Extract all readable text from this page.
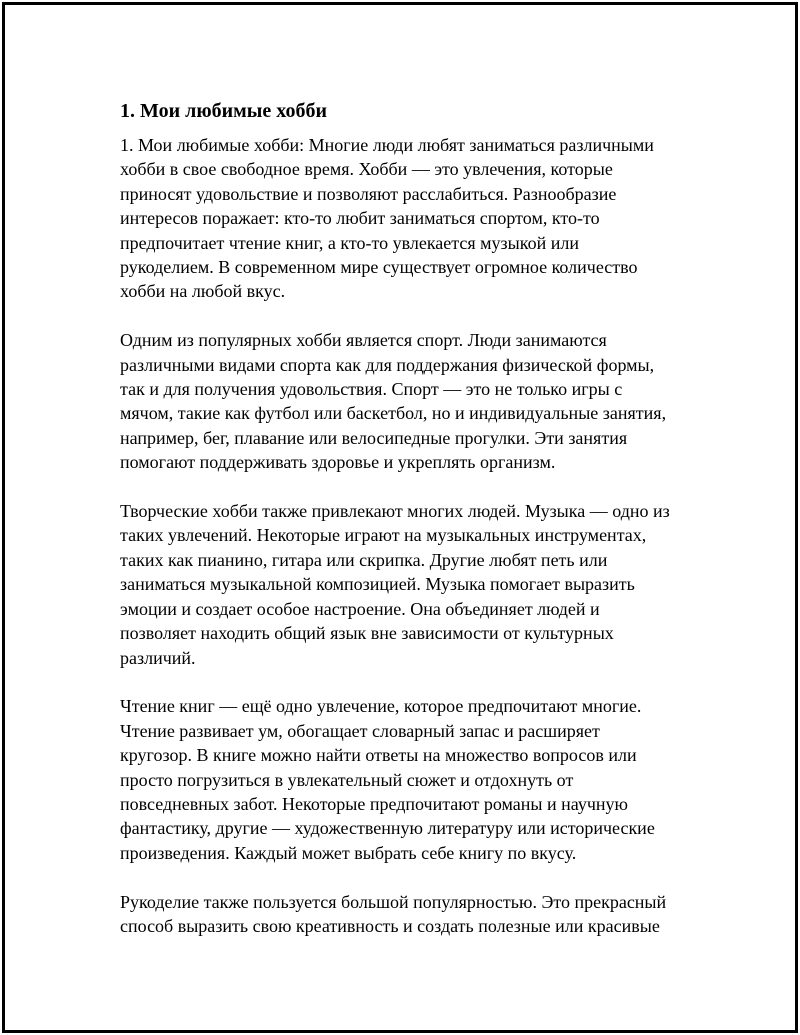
1. Мои любимые хобби

1. Мои любимые хобби: Многие люди любят заниматься различными
хобби в свое свободное время. Хобби — это увлечения, которые
приносят удовольствие и позволяют расслабиться. Разнообразие
интересов поражает: кто-то любит заниматься спортом, кто-то
предпочитает чтение книг, а кто-то увлекается музыкой или
рукоделием. В современном мире существует огромное количество
хобби на любой вкус.

Одним из популярных хобби является спорт. Люди занимаются
различными видами спорта как для поддержания физической формы,
так и для получения удовольствия. Спорт — это не только игры с
мячом, такие как футбол или баскетбол, но и индивидуальные занятия,
например, бег, плавание или велосипедные прогулки. Эти занятия
помогают поддерживать здоровье и укреплять организм.

Творческие хобби также привлекают многих людей. Музыка — одно из
таких увлечений. Некоторые играют на музыкальных инструментах,
таких как пианино, гитара или скрипка. Другие любят петь или
заниматься музыкальной композицией. Музыка помогает выразить
эмоции и создает особое настроение. Она объединяет людей и
позволяет находить общий язык вне зависимости от культурных
различий.

Чтение книг — ещё одно увлечение, которое предпочитают многие.
Чтение развивает ум, обогащает словарный запас и расширяет
кругозор. В книге можно найти ответы на множество вопросов или
просто погрузиться в увлекательный сюжет и отдохнуть от
повседневных забот. Некоторые предпочитают романы и научную
фантастику, другие — художественную литературу или исторические
произведения. Каждый может выбрать себе книгу по вкусу.

Рукоделие также пользуется большой популярностью. Это прекрасный
способ выразить свою креативность и создать полезные или красивые
